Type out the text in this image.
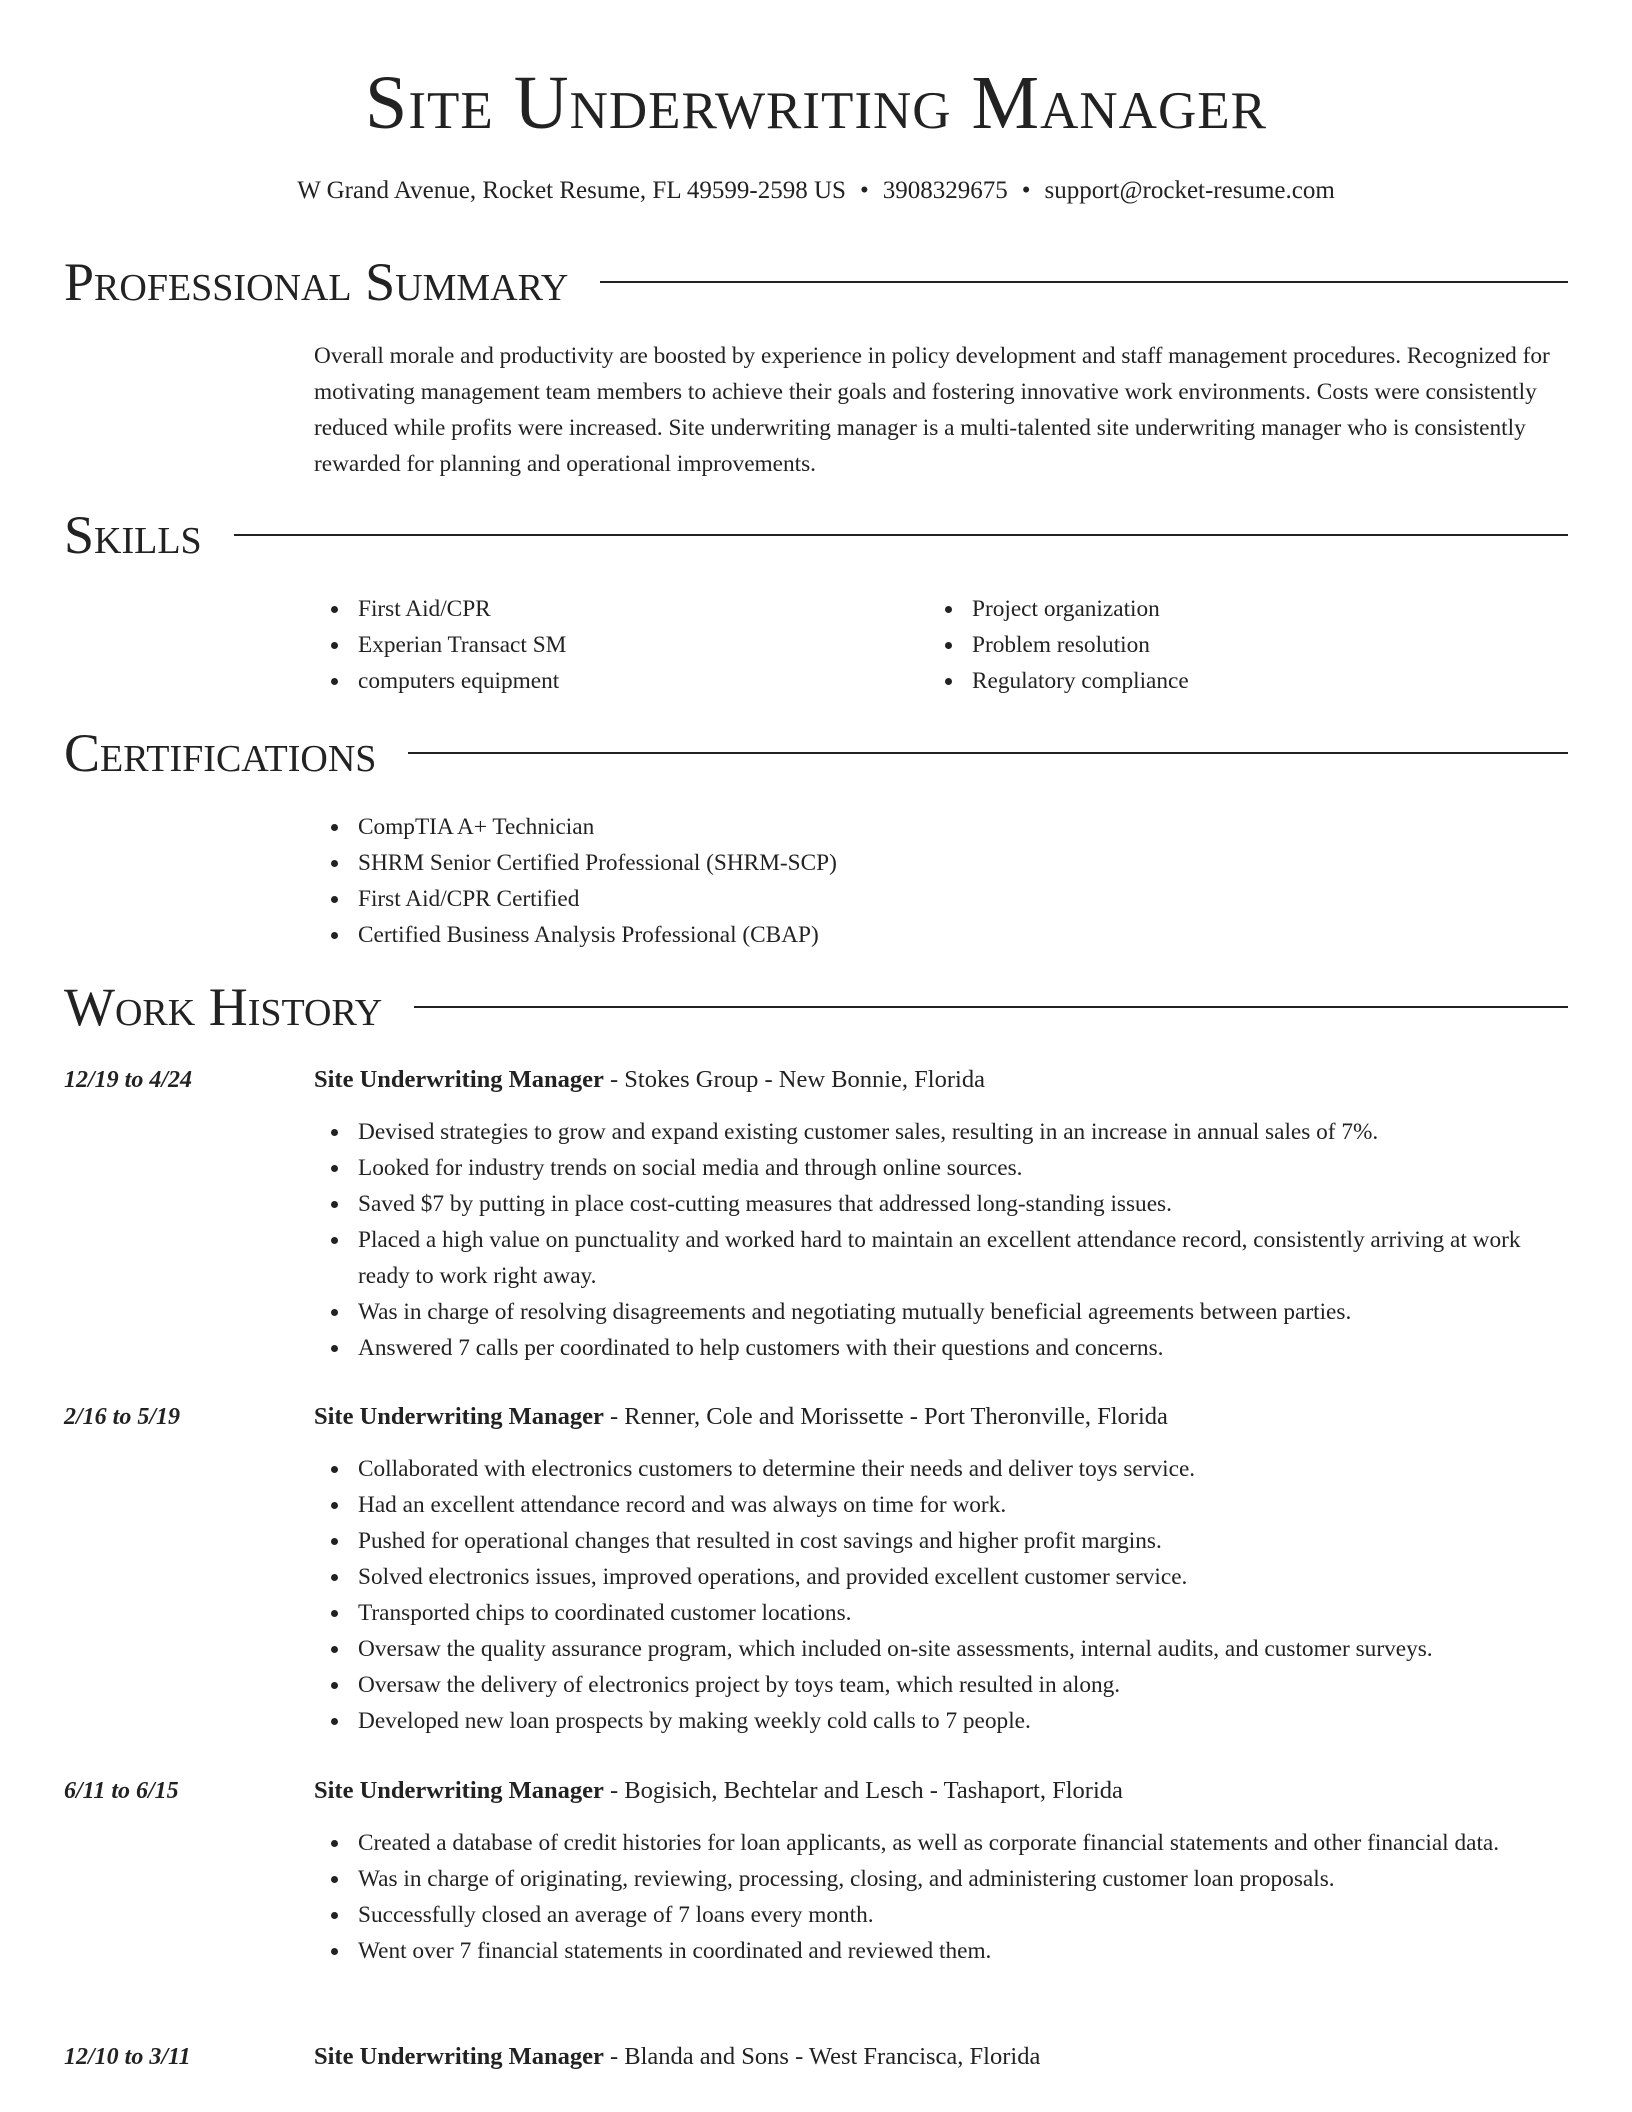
Site Underwriting Manager
W Grand Avenue, Rocket Resume, FL 49599-2598 US • 3908329675 • support@rocket-resume.com
Professional Summary

Overall morale and productivity are boosted by experience in policy development and staff management procedures. Recognized for motivating management team members to achieve their goals and fostering innovative work environments. Costs were consistently reduced while profits were increased. Site underwriting manager is a multi-talented site underwriting manager who is consistently rewarded for planning and operational improvements.

Skills
First Aid/CPR
Experian Transact SM
computers equipment
Project organization
Problem resolution
Regulatory compliance
Certifications
CompTIA A+ Technician
SHRM Senior Certified Professional (SHRM-SCP)
First Aid/CPR Certified
Certified Business Analysis Professional (CBAP)
Work History
12/19 to 4/24	Site Underwriting Manager - Stokes Group - New Bonnie, Florida
Devised strategies to grow and expand existing customer sales, resulting in an increase in annual sales of 7%.
Looked for industry trends on social media and through online sources.
Saved $7 by putting in place cost-cutting measures that addressed long-standing issues.
Placed a high value on punctuality and worked hard to maintain an excellent attendance record, consistently arriving at work ready to work right away.
Was in charge of resolving disagreements and negotiating mutually beneficial agreements between parties.
Answered 7 calls per coordinated to help customers with their questions and concerns.
2/16 to 5/19	Site Underwriting Manager - Renner, Cole and Morissette - Port Theronville, Florida
Collaborated with electronics customers to determine their needs and deliver toys service.
Had an excellent attendance record and was always on time for work.
Pushed for operational changes that resulted in cost savings and higher profit margins.
Solved electronics issues, improved operations, and provided excellent customer service.
Transported chips to coordinated customer locations.
Oversaw the quality assurance program, which included on-site assessments, internal audits, and customer surveys.
Oversaw the delivery of electronics project by toys team, which resulted in along.
Developed new loan prospects by making weekly cold calls to 7 people.
6/11 to 6/15	Site Underwriting Manager - Bogisich, Bechtelar and Lesch - Tashaport, Florida
Created a database of credit histories for loan applicants, as well as corporate financial statements and other financial data.
Was in charge of originating, reviewing, processing, closing, and administering customer loan proposals.
Successfully closed an average of 7 loans every month.
Went over 7 financial statements in coordinated and reviewed them.
12/10 to 3/11	Site Underwriting Manager - Blanda and Sons - West Francisca, Florida
